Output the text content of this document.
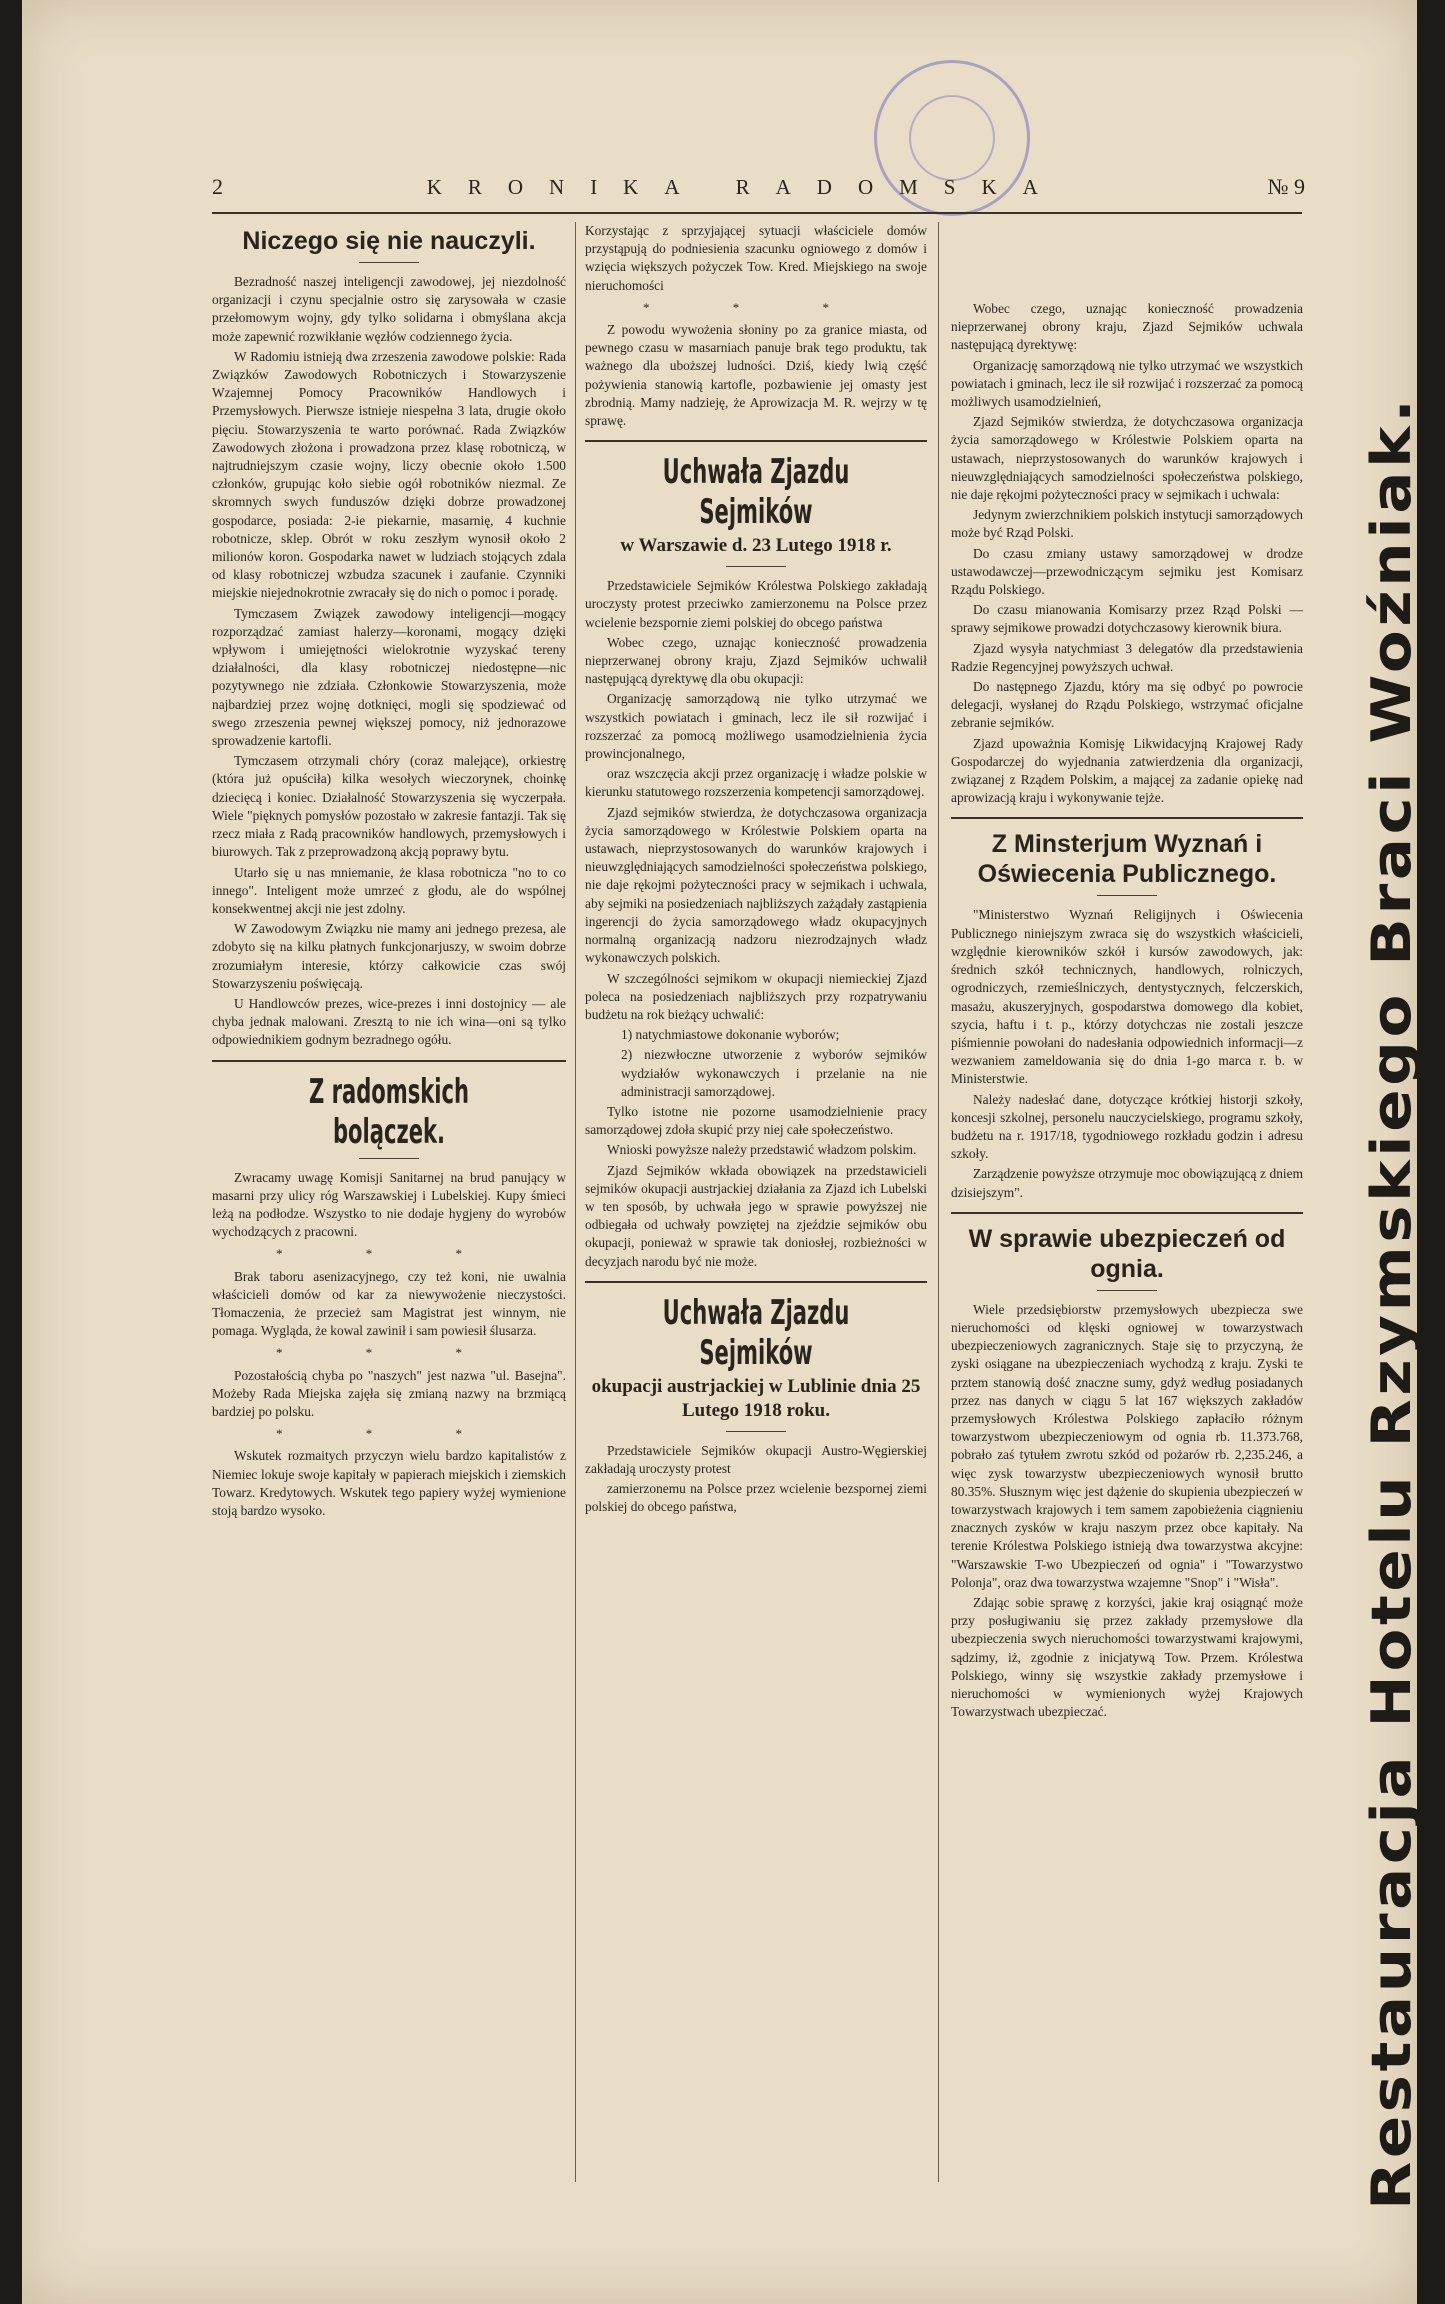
2	KRONIKA RADOMSKA	№ 9
Niczego się nie nauczyli.

Bezradność naszej inteligencji zawodowej, jej niezdolność organizacji i czynu specjalnie ostro się zarysowała w czasie przełomowym wojny, gdy tylko solidarna i obmyślana akcja może zapewnić rozwikłanie węzłów codziennego życia.

W Radomiu istnieją dwa zrzeszenia zawodowe polskie: Rada Związków Zawodowych Robotniczych i Stowarzyszenie Wzajemnej Pomocy Pracowników Handlowych i Przemysłowych. Pierwsze istnieje niespełna 3 lata, drugie około pięciu. Stowarzyszenia te warto porównać. Rada Związków Zawodowych złożona i prowadzona przez klasę robotniczą, w najtrudniejszym czasie wojny, liczy obecnie około 1.500 członków, grupując koło siebie ogół robotników niezmal. Ze skromnych swych funduszów dzięki dobrze prowadzonej gospodarce, posiada: 2-ie piekarnie, masarnię, 4 kuchnie robotnicze, sklep. Obrót w roku zeszłym wynosił około 2 milionów koron. Gospodarka nawet w ludziach stojących zdala od klasy robotniczej wzbudza szacunek i zaufanie. Czynniki miejskie niejednokrotnie zwracały się do nich o pomoc i poradę.

Tymczasem Związek zawodowy inteligencji—mogący rozporządzać zamiast halerzy—koronami, mogący dzięki wpływom i umiejętności wielokrotnie wyzyskać tereny działalności, dla klasy robotniczej niedostępne—nic pozytywnego nie zdziała. Członkowie Stowarzyszenia, może najbardziej przez wojnę dotknięci, mogli się spodziewać od swego zrzeszenia pewnej większej pomocy, niż jednorazowe sprowadzenie kartofli.

Tymczasem otrzymali chóry (coraz malejące), orkiestrę (która już opuściła) kilka wesołych wieczorynek, choinkę dziecięcą i koniec. Działalność Stowarzyszenia się wyczerpała. Wiele "pięknych pomysłów pozostało w zakresie fantazji. Tak się rzecz miała z Radą pracowników handlowych, przemysłowych i biurowych. Tak z przeprowadzoną akcją poprawy bytu.

Utarło się u nas mniemanie, że klasa robotnicza "no to co innego". Inteligent może umrzeć z głodu, ale do wspólnej konsekwentnej akcji nie jest zdolny.

W Zawodowym Związku nie mamy ani jednego prezesa, ale zdobyto się na kilku płatnych funkcjonarjuszy, w swoim dobrze zrozumiałym interesie, którzy całkowicie czas swój Stowarzyszeniu poświęcają.

U Handlowców prezes, wice-prezes i inni dostojnicy — ale chyba jednak malowani. Zresztą to nie ich wina—oni są tylko odpowiednikiem godnym bezradnego ogółu.

Z radomskich bolączek.

Zwracamy uwagę Komisji Sanitarnej na brud panujący w masarni przy ulicy róg Warszawskiej i Lubelskiej. Kupy śmieci leżą na podłodze. Wszystko to nie dodaje hygjeny do wyrobów wychodzących z pracowni.

* * *

Brak taboru asenizacyjnego, czy też koni, nie uwalnia właścicieli domów od kar za niewywożenie nieczystości. Tłomaczenia, że przecież sam Magistrat jest winnym, nie pomaga. Wygląda, że kowal zawinił i sam powiesił ślusarza.

* * *

Pozostałością chyba po "naszych" jest nazwa "ul. Basejna". Możeby Rada Miejska zajęła się zmianą nazwy na brzmiącą bardziej po polsku.

* * *

Wskutek rozmaitych przyczyn wielu bardzo kapitalistów z Niemiec lokuje swoje kapitały w papierach miejskich i ziemskich Towarz. Kredytowych. Wskutek tego papiery wyżej wymienione stoją bardzo wysoko.

Korzystając z sprzyjającej sytuacji właściciele domów przystąpują do podniesienia szacunku ogniowego z domów i wzięcia większych pożyczek Tow. Kred. Miejskiego na swoje nieruchomości

* * *

Z powodu wywożenia słoniny po za granice miasta, od pewnego czasu w masarniach panuje brak tego produktu, tak ważnego dla uboższej ludności. Dziś, kiedy lwią część pożywienia stanowią kartofle, pozbawienie jej omasty jest zbrodnią. Mamy nadzieję, że Aprowizacja M. R. wejrzy w tę sprawę.

Uchwała Zjazdu Sejmików
w Warszawie d. 23 Lutego 1918 r.

Przedstawiciele Sejmików Królestwa Polskiego zakładają uroczysty protest przeciwko zamierzonemu na Polsce przez wcielenie bezspornie ziemi polskiej do obcego państwa

Wobec czego, uznając konieczność prowadzenia nieprzerwanej obrony kraju, Zjazd Sejmików uchwalił następującą dyrektywę dla obu okupacji:

Organizację samorządową nie tylko utrzymać we wszystkich powiatach i gminach, lecz ile sił rozwijać i rozszerzać za pomocą możliwego usamodzielnienia życia prowincjonalnego,

oraz wszczęcia akcji przez organizację i władze polskie w kierunku statutowego rozszerzenia kompetencji samorządowej.

Zjazd sejmików stwierdza, że dotychczasowa organizacja życia samorządowego w Królestwie Polskiem oparta na ustawach, nieprzystosowanych do warunków krajowych i nieuwzględniających samodzielności społeczeństwa polskiego, nie daje rękojmi pożyteczności pracy w sejmikach i uchwala, aby sejmiki na posiedzeniach najbliższych zażądały zastąpienia ingerencji do życia samorządowego władz okupacyjnych normalną organizacją nadzoru niezrodzajnych władz wykonawczych polskich.

W szczególności sejmikom w okupacji niemieckiej Zjazd poleca na posiedzeniach najbliższych przy rozpatrywaniu budżetu na rok bieżący uchwalić:

1) natychmiastowe dokonanie wyborów;
2) niezwłoczne utworzenie z wyborów sejmików wydziałów wykonawczych i przelanie na nie administracji samorządowej.

Tylko istotne nie pozorne usamodzielnienie pracy samorządowej zdoła skupić przy niej całe społeczeństwo.

Wnioski powyższe należy przedstawić władzom polskim.

Zjazd Sejmików wkłada obowiązek na przedstawicieli sejmików okupacji austrjackiej działania za Zjazd ich Lubelski w ten sposób, by uchwała jego w sprawie powyższej nie odbiegała od uchwały powziętej na zjeździe sejmików obu okupacji, ponieważ w sprawie tak doniosłej, rozbieżności w decyzjach narodu być nie może.

Uchwała Zjazdu Sejmików
okupacji austrjackiej w Lublinie dnia 25 Lutego 1918 roku.

Przedstawiciele Sejmików okupacji Austro-Węgierskiej zakładają uroczysty protest

zamierzonemu na Polsce przez wcielenie bezspornej ziemi polskiej do obcego państwa,

Wobec czego, uznając konieczność prowadzenia nieprzerwanej obrony kraju, Zjazd Sejmików uchwala następującą dyrektywę:

Organizację samorządową nie tylko utrzymać we wszystkich powiatach i gminach, lecz ile sił rozwijać i rozszerzać za pomocą możliwych usamodzielnień,

Zjazd Sejmików stwierdza, że dotychczasowa organizacja życia samorządowego w Królestwie Polskiem oparta na ustawach, nieprzystosowanych do warunków krajowych i nieuwzględniających samodzielności społeczeństwa polskiego, nie daje rękojmi pożyteczności pracy w sejmikach i uchwala:

Jedynym zwierzchnikiem polskich instytucji samorządowych może być Rząd Polski.

Do czasu zmiany ustawy samorządowej w drodze ustawodawczej—przewodniczącym sejmiku jest Komisarz Rządu Polskiego.

Do czasu mianowania Komisarzy przez Rząd Polski — sprawy sejmikowe prowadzi dotychczasowy kierownik biura.

Zjazd wysyła natychmiast 3 delegatów dla przedstawienia Radzie Regencyjnej powyższych uchwał.

Do następnego Zjazdu, który ma się odbyć po powrocie delegacji, wysłanej do Rządu Polskiego, wstrzymać oficjalne zebranie sejmików.

Zjazd upoważnia Komisję Likwidacyjną Krajowej Rady Gospodarczej do wyjednania zatwierdzenia dla organizacji, związanej z Rządem Polskim, a mającej za zadanie opiekę nad aprowizacją kraju i wykonywanie tejże.

Z Minsterjum Wyznań i Oświecenia Publicznego.

"Ministerstwo Wyznań Religijnych i Oświecenia Publicznego niniejszym zwraca się do wszystkich właścicieli, względnie kierowników szkół i kursów zawodowych, jak: średnich szkół technicznych, handlowych, rolniczych, ogrodniczych, rzemieślniczych, dentystycznych, felczerskich, masażu, akuszeryjnych, gospodarstwa domowego dla kobiet, szycia, haftu i t. p., którzy dotychczas nie zostali jeszcze piśmiennie powołani do nadesłania odpowiednich informacji—z wezwaniem zameldowania się do dnia 1-go marca r. b. w Ministerstwie.

Należy nadesłać dane, dotyczące krótkiej historji szkoły, koncesji szkolnej, personelu nauczycielskiego, programu szkoły, budżetu na r. 1917/18, tygodniowego rozkładu godzin i adresu szkoły.

Zarządzenie powyższe otrzymuje moc obowiązującą z dniem dzisiejszym".

W sprawie ubezpieczeń od ognia.

Wiele przedsiębiorstw przemysłowych ubezpiecza swe nieruchomości od klęski ogniowej w towarzystwach ubezpieczeniowych zagranicznych. Staje się to przyczyną, że zyski osiągane na ubezpieczeniach wychodzą z kraju. Zyski te prztem stanowią dość znaczne sumy, gdyż według posiadanych przez nas danych w ciągu 5 lat 167 większych zakładów przemysłowych Królestwa Polskiego zapłaciło różnym towarzystwom ubezpieczeniowym od ognia rb. 11.373.768, pobrało zaś tytułem zwrotu szkód od pożarów rb. 2,235.246, a więc zysk towarzystw ubezpieczeniowych wynosił brutto 80.35%. Słusznym więc jest dążenie do skupienia ubezpieczeń w towarzystwach krajowych i tem samem zapobieżenia ciągnieniu znacznych zysków w kraju naszym przez obce kapitały. Na terenie Królestwa Polskiego istnieją dwa towarzystwa akcyjne: "Warszawskie T-wo Ubezpieczeń od ognia" i "Towarzystwo Polonja", oraz dwa towarzystwa wzajemne "Snop" i "Wisła".

Zdając sobie sprawę z korzyści, jakie kraj osiągnąć może przy posługiwaniu się przez zakłady przemysłowe dla ubezpieczenia swych nieruchomości towarzystwami krajowymi, sądzimy, iż, zgodnie z inicjatywą Tow. Przem. Królestwa Polskiego, winny się wszystkie zakłady przemysłowe i nieruchomości w wymienionych wyżej Krajowych Towarzystwach ubezpieczać.	Restauracja Hotelu Rzymskiego Braci Woźniak.
